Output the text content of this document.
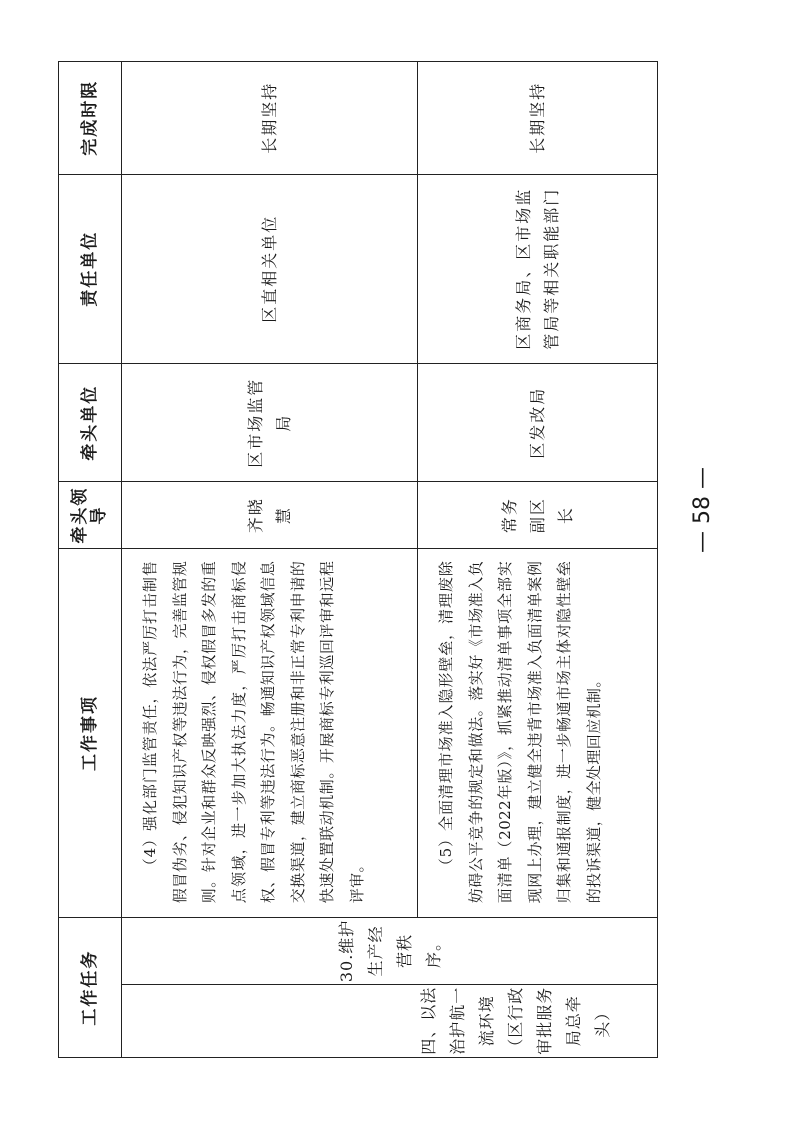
工作任务		工作事项	牵头领导	牵头单位	责任单位	完成时限
四、以法治护航一流环境（区行政审批服务局总牵头）	30.维护生产经营秩序。	（4）强化部门监管责任，依法严厉打击制售假冒伪劣、侵犯知识产权等违法行为，完善监管规则。针对企业和群众反映强烈、侵权假冒多发的重点领域，进一步加大执法力度，严厉打击商标侵权、假冒专利等违法行为。畅通知识产权领域信息交换渠道，建立商标恶意注册和非正常专利申请的快速处置联动机制。开展商标专利巡回评审和远程评审。	齐晓慧	区市场监管局	区直相关单位	长期坚持

		（5）全面清理市场准入隐形壁垒，清理废除妨碍公平竞争的规定和做法。落实好《市场准入负面清单（2022年版）》，抓紧推动清单事项全部实现网上办理，建立健全违背市场准入负面清单案例归集和通报制度，进一步畅通市场主体对隐性壁垒的投诉渠道，健全处理回应机制。	常务副区长	区发改局	区商务局、区市场监管局等相关职能部门	长期坚持
— 58 —
